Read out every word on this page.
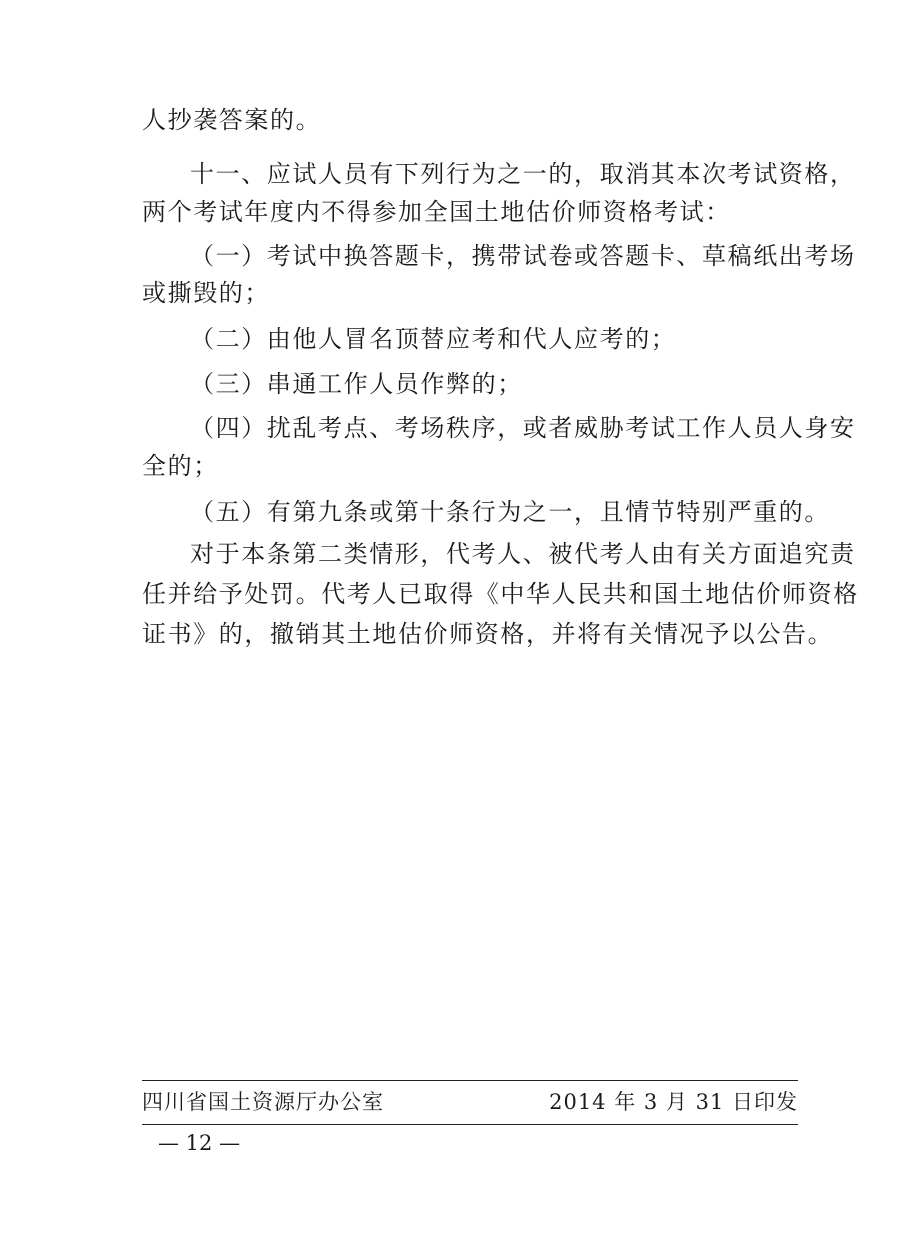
人抄袭答案的。
十一、应试人员有下列行为之一的，取消其本次考试资格，
两个考试年度内不得参加全国土地估价师资格考试：
（一）考试中换答题卡，携带试卷或答题卡、草稿纸出考场
或撕毁的；
（二）由他人冒名顶替应考和代人应考的；
（三）串通工作人员作弊的；
（四）扰乱考点、考场秩序，或者威胁考试工作人员人身安
全的；
（五）有第九条或第十条行为之一，且情节特别严重的。
对于本条第二类情形，代考人、被代考人由有关方面追究责
任并给予处罚。代考人已取得《中华人民共和国土地估价师资格
证书》的，撤销其土地估价师资格，并将有关情况予以公告。
四川省国土资源厅办公室	2014 年 3 月 31 日印发
— 12 —
